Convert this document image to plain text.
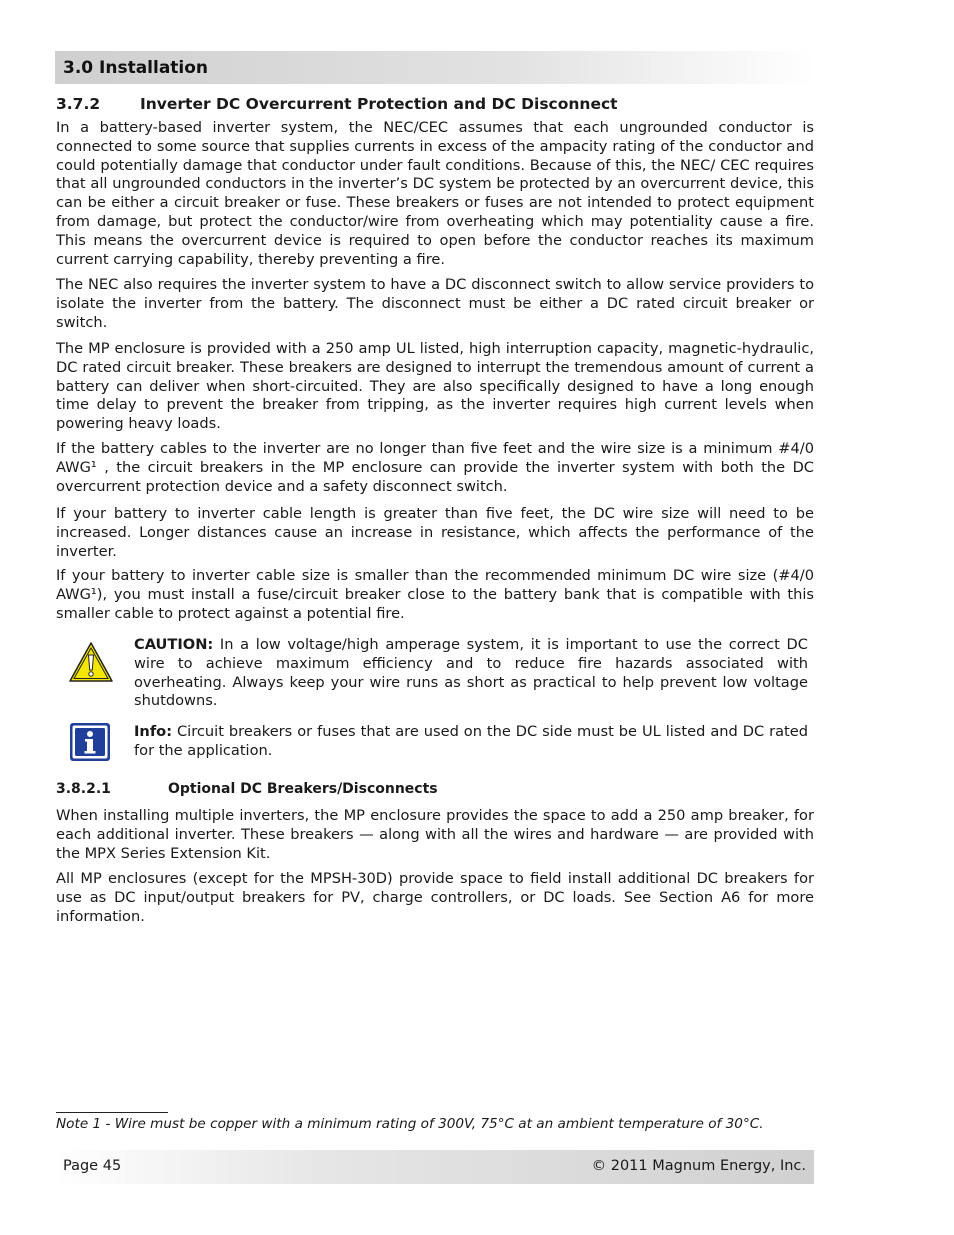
3.0 Installation
3.7.2	Inverter DC Overcurrent Protection and DC Disconnect

In a battery-based inverter system, the NEC/CEC assumes that each ungrounded conductor is connected to some source that supplies currents in excess of the ampacity rating of the conductor and could potentially damage that conductor under fault conditions. Because of this, the NEC/ CEC requires that all ungrounded conductors in the inverter’s DC system be protected by an overcurrent device, this can be either a circuit breaker or fuse. These breakers or fuses are not intended to protect equipment from damage, but protect the conductor/wire from overheating which may potentiality cause a fire. This means the overcurrent device is required to open before the conductor reaches its maximum current carrying capability, thereby preventing a fire.

The NEC also requires the inverter system to have a DC disconnect switch to allow service providers to isolate the inverter from the battery. The disconnect must be either a DC rated circuit breaker or switch.

The MP enclosure is provided with a 250 amp UL listed, high interruption capacity, magnetic-hydraulic, DC rated circuit breaker. These breakers are designed to interrupt the tremendous amount of current a battery can deliver when short-circuited. They are also specifically designed to have a long enough time delay to prevent the breaker from tripping, as the inverter requires high current levels when powering heavy loads.

If the battery cables to the inverter are no longer than five feet and the wire size is a minimum #4/0 AWG¹ , the circuit breakers in the MP enclosure can provide the inverter system with both the DC overcurrent protection device and a safety disconnect switch.

If your battery to inverter cable length is greater than five feet, the DC wire size will need to be increased. Longer distances cause an increase in resistance, which affects the performance of the inverter.

If your battery to inverter cable size is smaller than the recommended minimum DC wire size (#4/0 AWG¹), you must install a fuse/circuit breaker close to the battery bank that is compatible with this smaller cable to protect against a potential fire.

CAUTION: In a low voltage/high amperage system, it is important to use the correct DC wire to achieve maximum efficiency and to reduce fire hazards associated with overheating. Always keep your wire runs as short as practical to help prevent low voltage shutdowns.
Info: Circuit breakers or fuses that are used on the DC side must be UL listed and DC rated for the application.
3.8.2.1	Optional DC Breakers/Disconnects

When installing multiple inverters, the MP enclosure provides the space to add a 250 amp breaker, for each additional inverter. These breakers — along with all the wires and hardware — are provided with the MPX Series Extension Kit.

All MP enclosures (except for the MPSH-30D) provide space to field install additional DC breakers for use as DC input/output breakers for PV, charge controllers, or DC loads. See Section A6 for more information.

Note 1 - Wire must be copper with a minimum rating of 300V, 75°C at an ambient temperature of 30°C.
Page 45	© 2011 Magnum Energy, Inc.
